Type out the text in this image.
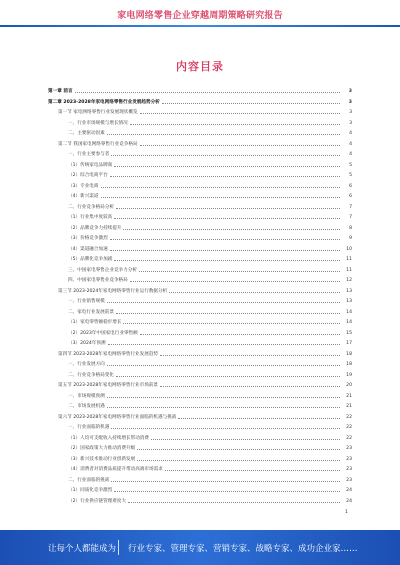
家电网络零售企业穿越周期策略研究报告
内容目录
第一章 前言	3
第二章 2023-2028年家电网络零售行业发展趋势分析	3
第一节 家电网络零售行业发展现状概览	3
一、行业市场规模与增长情况	3
二、主要驱动因素	4
第二节 我国家电网络零售行业竞争格局	4
一、行业主要参与者	4
（1）传统家电品牌商	5
（2）综合电商平台	5
（3）专业电商	6
（4）新兴渠道	6
二、行业竞争格局分析	7
（1）行业集中度较高	7
（2）品牌竞争力持续提升	8
（3）价格竞争激烈	9
（4）渠道融合加速	10
（5）品牌化竞争加剧	11
三、中国家电零售企业竞争力分析	11
四、中国家电零售业竞争格局	12
第三节 2023-2024年家电网络零售行业运行数据分析	13
一、行业销售规模	13
二、家电行业发展前景	14
（1）家电零售额稳步增长	14
（2）2023年中国家电行业零售额	15
（3）2024年预测	17
第四节 2023-2028年家电网络零售行业发展趋势	18
一、行业发展方向	18
二、行业竞争格局变化	19
第五节 2023-2028年家电网络零售行业市场前景	20
一、市场规模预测	21
二、市场发展机遇	21
第六节 2023-2028年家电网络零售行业面临的机遇与挑战	22
一、行业面临的机遇	22
（1）人均可支配收入持续增长带动消费	22
（2）国家政策大力推动消费升级	23
（3）新兴技术推动行业创新发展	23
（4）消费者对消费品质提升带动高端市场需求	23
二、行业面临的挑战	23
（1）同质化竞争激烈	24
（2）行业供应链管理难度大	24
1
让每个人都能成为 行业专家、管理专家、营销专家、战略专家、成功企业家……
